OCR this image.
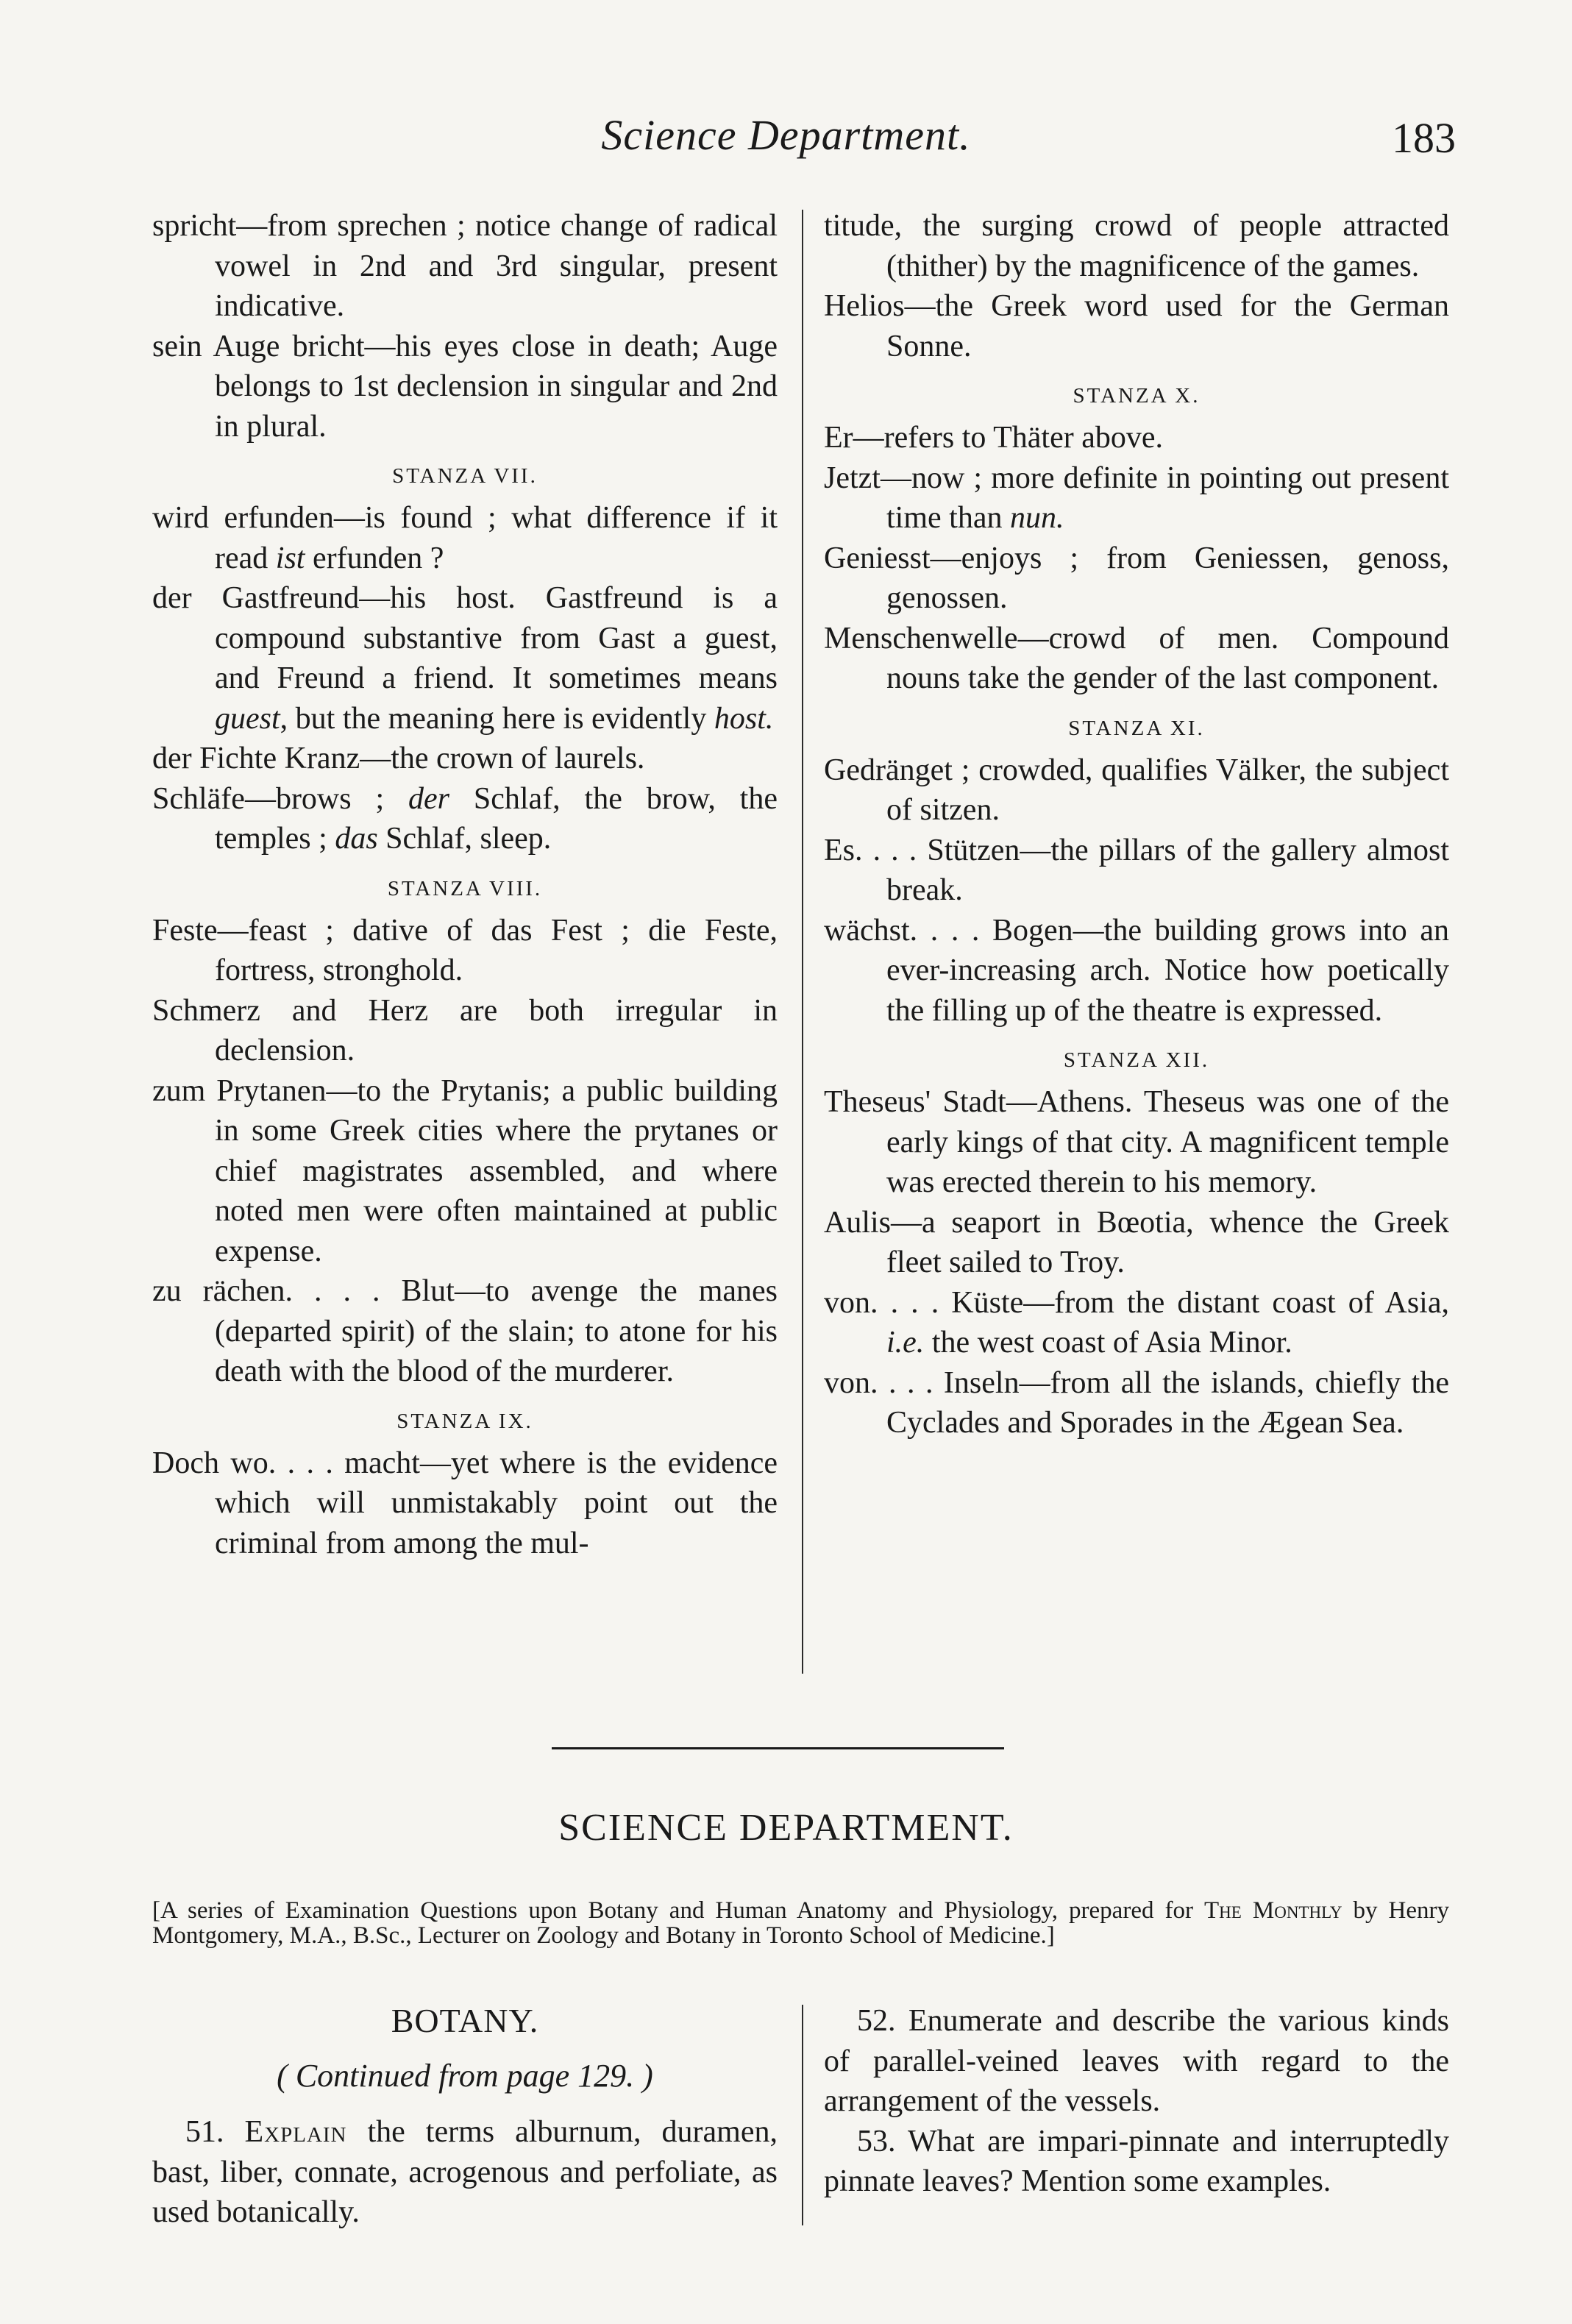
Science Department.	183

spricht—from sprechen ; notice change of radical vowel in 2nd and 3rd singular, present indicative.

sein Auge bricht—his eyes close in death; Auge belongs to 1st declension in singular and 2nd in plural.

STANZA VII.

wird erfunden—is found ; what difference if it read ist erfunden ?

der Gastfreund—his host. Gastfreund is a compound substantive from Gast a guest, and Freund a friend. It sometimes means guest, but the meaning here is evidently host.

der Fichte Kranz—the crown of laurels.

Schläfe—brows ; der Schlaf, the brow, the temples ; das Schlaf, sleep.

STANZA VIII.

Feste—feast ; dative of das Fest ; die Feste, fortress, stronghold.

Schmerz and Herz are both irregular in declension.

zum Prytanen—to the Prytanis; a public building in some Greek cities where the prytanes or chief magistrates assembled, and where noted men were often maintained at public expense.

zu rächen. . . . Blut—to avenge the manes (departed spirit) of the slain; to atone for his death with the blood of the murderer.

STANZA IX.

Doch wo. . . . macht—yet where is the evidence which will unmistakably point out the criminal from among the mul-

titude, the surging crowd of people attracted (thither) by the magnificence of the games.

Helios—the Greek word used for the German Sonne.

STANZA X.

Er—refers to Thäter above.

Jetzt—now ; more definite in pointing out present time than nun.

Geniesst—enjoys ; from Geniessen, genoss, genossen.

Menschenwelle—crowd of men. Compound nouns take the gender of the last component.

STANZA XI.

Gedränget ; crowded, qualifies Välker, the subject of sitzen.

Es. . . . Stützen—the pillars of the gallery almost break.

wächst. . . . Bogen—the building grows into an ever-increasing arch. Notice how poetically the filling up of the theatre is expressed.

STANZA XII.

Theseus' Stadt—Athens. Theseus was one of the early kings of that city. A magnificent temple was erected therein to his memory.

Aulis—a seaport in Bœotia, whence the Greek fleet sailed to Troy.

von. . . . Küste—from the distant coast of Asia, i.e. the west coast of Asia Minor.

von. . . . Inseln—from all the islands, chiefly the Cyclades and Sporades in the Ægean Sea.

SCIENCE DEPARTMENT.
[A series of Examination Questions upon Botany and Human Anatomy and Physiology, prepared for The Monthly by Henry Montgomery, M.A., B.Sc., Lecturer on Zoology and Botany in Toronto School of Medicine.]
BOTANY.
( Continued from page 129. )

51. Explain the terms alburnum, duramen, bast, liber, connate, acrogenous and perfoliate, as used botanically.

52. Enumerate and describe the various kinds of parallel-veined leaves with regard to the arrangement of the vessels.

53. What are impari-pinnate and interruptedly pinnate leaves? Mention some examples.
